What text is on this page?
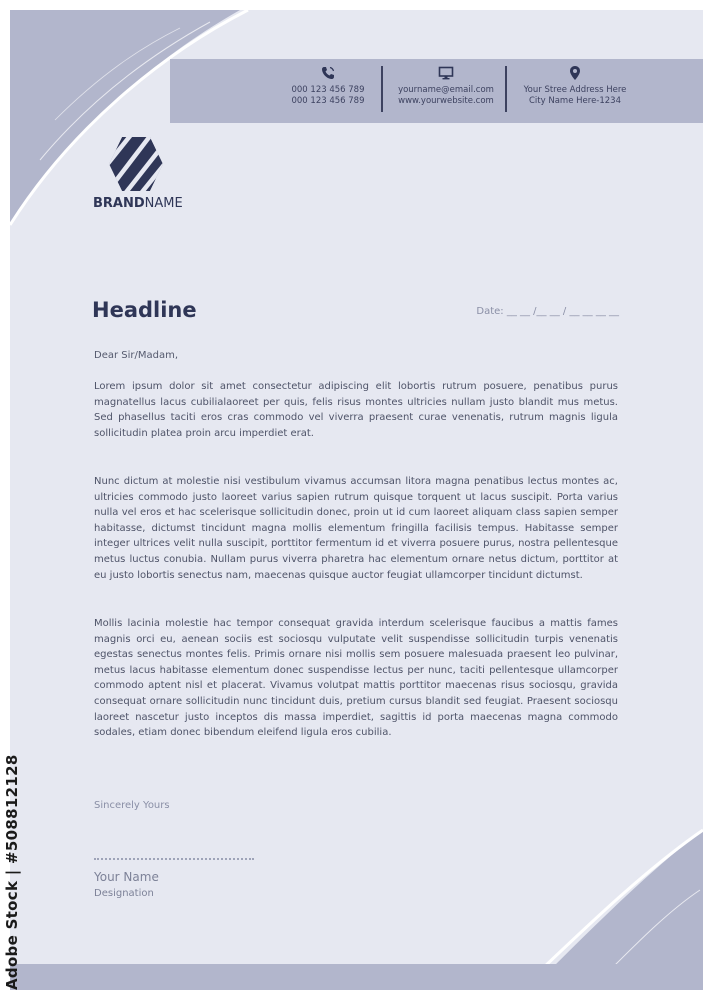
000 123 456 789
000 123 456 789
yourname@email.com
www.yourwebsite.com
Your Stree Address Here
City Name Here-1234
BRANDNAME
Headline	Date: __ __ /__ __ / __ __ __ __
Dear Sir/Madam,

Lorem ipsum dolor sit amet consectetur adipiscing elit lobortis rutrum posuere, penatibus purus magnatellus lacus cubilialaoreet per quis, felis risus montes ultricies nullam justo blandit mus metus. Sed phasellus taciti eros cras commodo vel viverra praesent curae venenatis, rutrum magnis ligula sollicitudin platea proin arcu imperdiet erat.

Nunc dictum at molestie nisi vestibulum vivamus accumsan litora magna penatibus lectus montes ac, ultricies commodo justo laoreet varius sapien rutrum quisque torquent ut lacus suscipit. Porta varius nulla vel eros et hac scelerisque sollicitudin donec, proin ut id cum laoreet aliquam class sapien semper habitasse, dictumst tincidunt magna mollis elementum fringilla facilisis tempus. Habitasse semper integer ultrices velit nulla suscipit, porttitor fermentum id et viverra posuere purus, nostra pellentesque metus luctus conubia. Nullam purus viverra pharetra hac elementum ornare netus dictum, porttitor at eu justo lobortis senectus nam, maecenas quisque auctor feugiat ullamcorper tincidunt dictumst.

Mollis lacinia molestie hac tempor consequat gravida interdum scelerisque faucibus a mattis fames magnis orci eu, aenean sociis est sociosqu vulputate velit suspendisse sollicitudin turpis venenatis egestas senectus montes felis. Primis ornare nisi mollis sem posuere malesuada praesent leo pulvinar, metus lacus habitasse elementum donec suspendisse lectus per nunc, taciti pellentesque ullamcorper commodo aptent nisl et placerat. Vivamus volutpat mattis porttitor maecenas risus sociosqu, gravida consequat ornare sollicitudin nunc tincidunt duis, pretium cursus blandit sed feugiat. Praesent sociosqu laoreet nascetur justo inceptos dis massa imperdiet, sagittis id porta maecenas magna commodo sodales, etiam donec bibendum eleifend ligula eros cubilia.

Sincerely Yours
Your Name
Designation
Adobe Stock | #508812128
